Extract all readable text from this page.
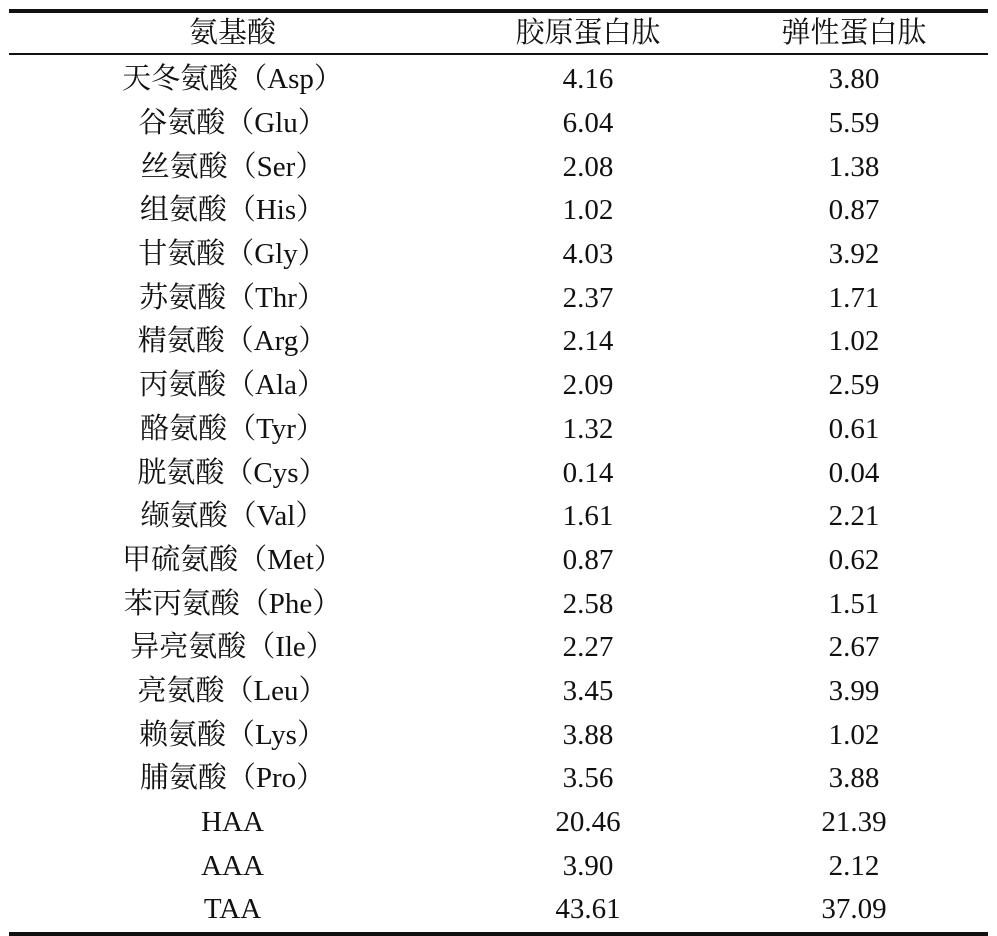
氨基酸	胶原蛋白肽	弹性蛋白肽
天冬氨酸（Asp）	4.16	3.80
谷氨酸（Glu）	6.04	5.59
丝氨酸（Ser）	2.08	1.38
组氨酸（His）	1.02	0.87
甘氨酸（Gly）	4.03	3.92
苏氨酸（Thr）	2.37	1.71
精氨酸（Arg）	2.14	1.02
丙氨酸（Ala）	2.09	2.59
酪氨酸（Tyr）	1.32	0.61
胱氨酸（Cys）	0.14	0.04
缬氨酸（Val）	1.61	2.21
甲硫氨酸（Met）	0.87	0.62
苯丙氨酸（Phe）	2.58	1.51
异亮氨酸（Ile）	2.27	2.67
亮氨酸（Leu）	3.45	3.99
赖氨酸（Lys）	3.88	1.02
脯氨酸（Pro）	3.56	3.88
HAA	20.46	21.39
AAA	3.90	2.12
TAA	43.61	37.09
